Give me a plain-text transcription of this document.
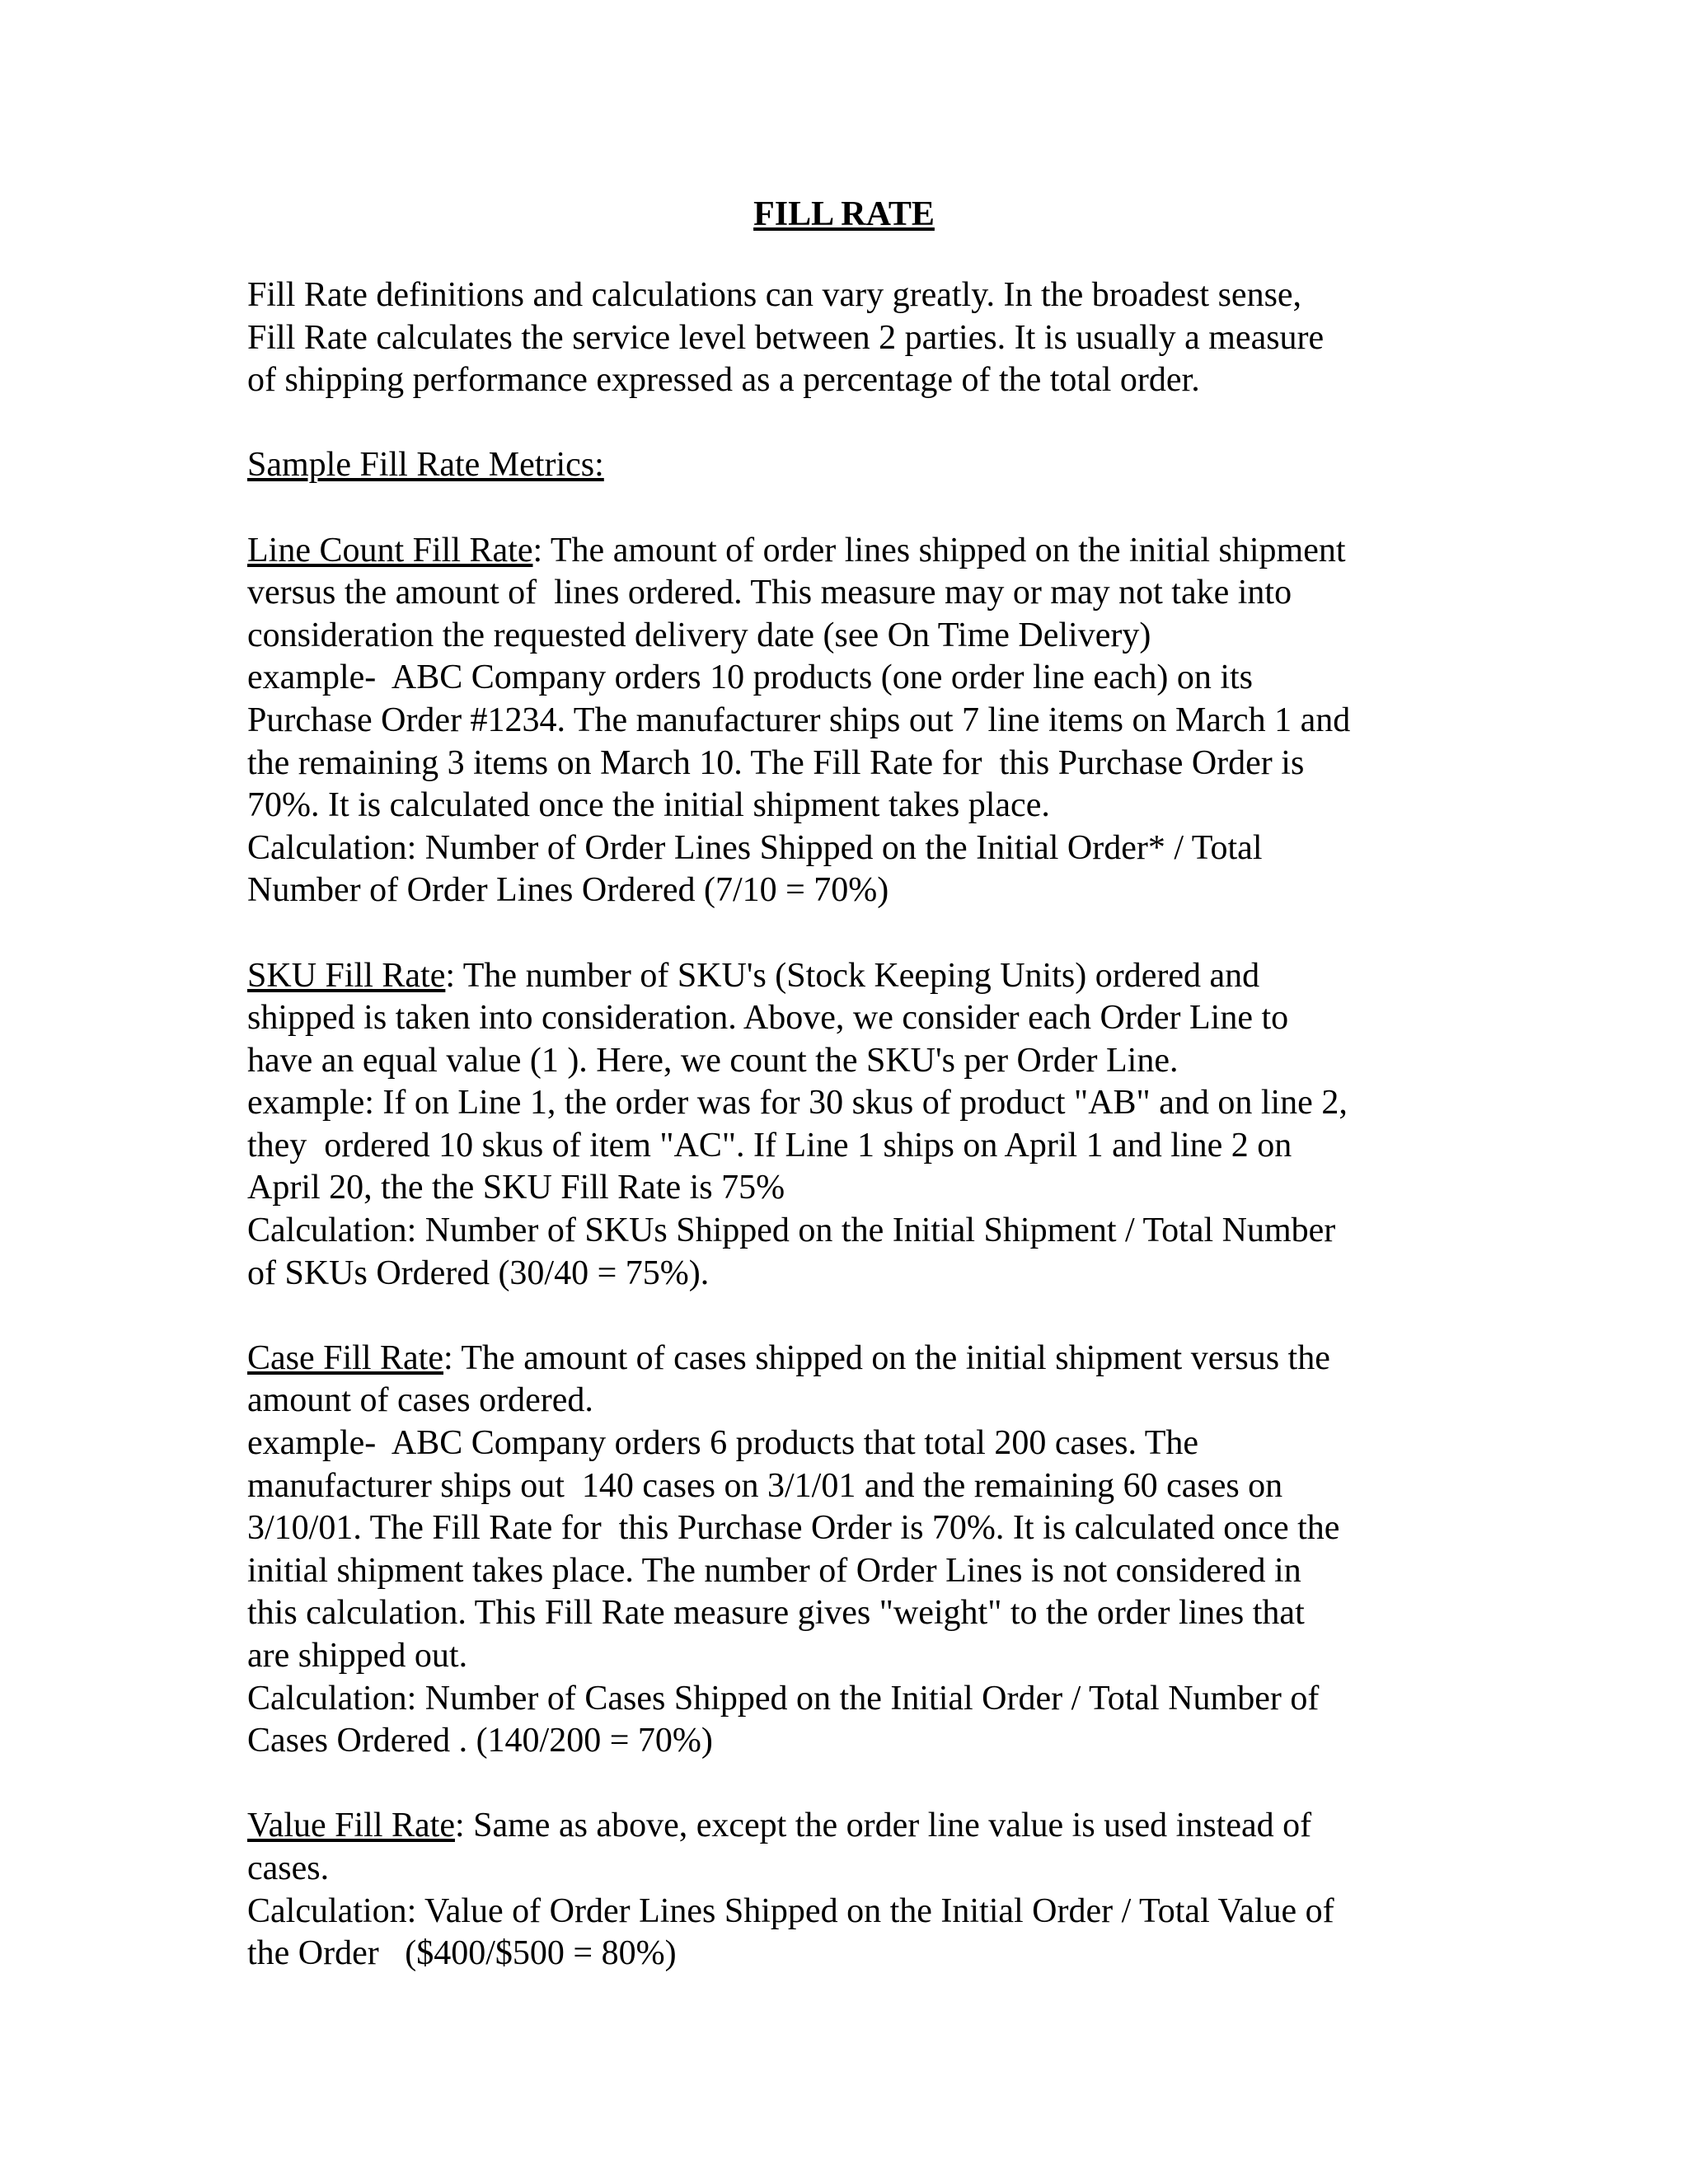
FILL RATE
Fill Rate definitions and calculations can vary greatly. In the broadest sense,
Fill Rate calculates the service level between 2 parties. It is usually a measure
of shipping performance expressed as a percentage of the total order.
Sample Fill Rate Metrics:
Line Count Fill Rate: The amount of order lines shipped on the initial shipment
versus the amount of  lines ordered. This measure may or may not take into
consideration the requested delivery date (see On Time Delivery)
example-  ABC Company orders 10 products (one order line each) on its
Purchase Order #1234. The manufacturer ships out 7 line items on March 1 and
the remaining 3 items on March 10. The Fill Rate for  this Purchase Order is
70%. It is calculated once the initial shipment takes place.
Calculation: Number of Order Lines Shipped on the Initial Order* / Total
Number of Order Lines Ordered (7/10 = 70%)
SKU Fill Rate: The number of SKU's (Stock Keeping Units) ordered and
shipped is taken into consideration. Above, we consider each Order Line to
have an equal value (1 ). Here, we count the SKU's per Order Line.
example: If on Line 1, the order was for 30 skus of product "AB" and on line 2,
they  ordered 10 skus of item "AC". If Line 1 ships on April 1 and line 2 on
April 20, the the SKU Fill Rate is 75%
Calculation: Number of SKUs Shipped on the Initial Shipment / Total Number
of SKUs Ordered (30/40 = 75%).
Case Fill Rate: The amount of cases shipped on the initial shipment versus the
amount of cases ordered.
example-  ABC Company orders 6 products that total 200 cases. The
manufacturer ships out  140 cases on 3/1/01 and the remaining 60 cases on
3/10/01. The Fill Rate for  this Purchase Order is 70%. It is calculated once the
initial shipment takes place. The number of Order Lines is not considered in
this calculation. This Fill Rate measure gives "weight" to the order lines that
are shipped out.
Calculation: Number of Cases Shipped on the Initial Order / Total Number of
Cases Ordered . (140/200 = 70%)
Value Fill Rate: Same as above, except the order line value is used instead of
cases.
Calculation: Value of Order Lines Shipped on the Initial Order / Total Value of
the Order   ($400/$500 = 80%)
